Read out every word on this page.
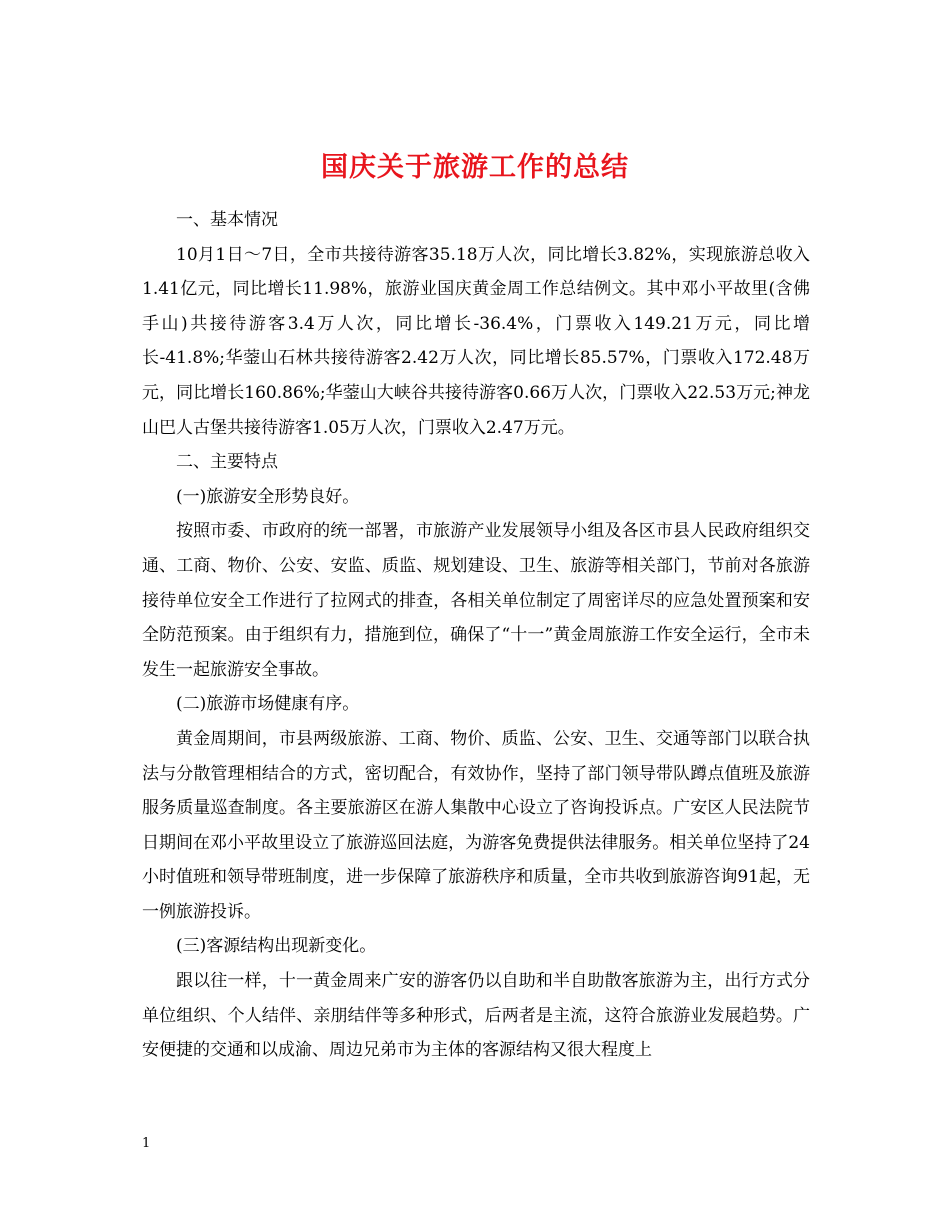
国庆关于旅游工作的总结

一、基本情况

10月1日～7日，全市共接待游客35.18万人次，同比增长3.82%，实现旅游总收入1.41亿元，同比增长11.98%，旅游业国庆黄金周工作总结例文。其中邓小平故里(含佛手山)共接待游客3.4万人次，同比增长-36.4%，门票收入149.21万元，同比增长-41.8%;华蓥山石林共接待游客2.42万人次，同比增长85.57%，门票收入172.48万元，同比增长160.86%;华蓥山大峡谷共接待游客0.66万人次，门票收入22.53万元;神龙山巴人古堡共接待游客1.05万人次，门票收入2.47万元。

二、主要特点

(一)旅游安全形势良好。

按照市委、市政府的统一部署，市旅游产业发展领导小组及各区市县人民政府组织交通、工商、物价、公安、安监、质监、规划建设、卫生、旅游等相关部门，节前对各旅游接待单位安全工作进行了拉网式的排查，各相关单位制定了周密详尽的应急处置预案和安全防范预案。由于组织有力，措施到位，确保了“十一”黄金周旅游工作安全运行，全市未发生一起旅游安全事故。

(二)旅游市场健康有序。

黄金周期间，市县两级旅游、工商、物价、质监、公安、卫生、交通等部门以联合执法与分散管理相结合的方式，密切配合，有效协作，坚持了部门领导带队蹲点值班及旅游服务质量巡查制度。各主要旅游区在游人集散中心设立了咨询投诉点。广安区人民法院节日期间在邓小平故里设立了旅游巡回法庭，为游客免费提供法律服务。相关单位坚持了24小时值班和领导带班制度，进一步保障了旅游秩序和质量，全市共收到旅游咨询91起，无一例旅游投诉。

(三)客源结构出现新变化。

跟以往一样，十一黄金周来广安的游客仍以自助和半自助散客旅游为主，出行方式分单位组织、个人结伴、亲朋结伴等多种形式，后两者是主流，这符合旅游业发展趋势。广安便捷的交通和以成渝、周边兄弟市为主体的客源结构又很大程度上

1
